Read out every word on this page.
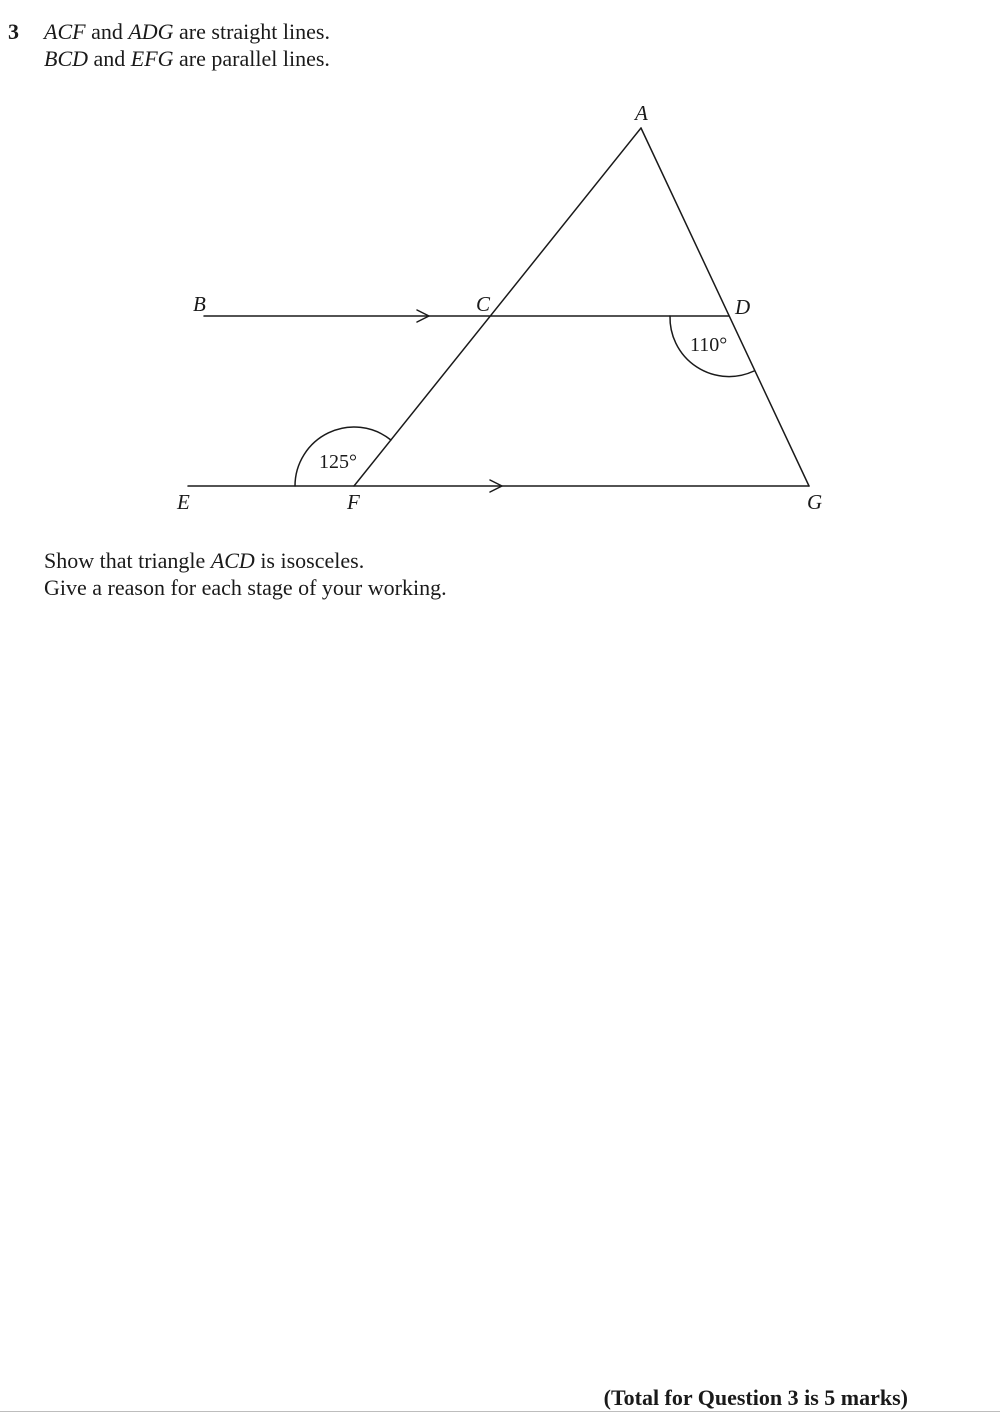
3 ACF and ADG are straight lines.
BCD and EFG are parallel lines.
A
B	C	D
E	F	G
125°
110°
Show that triangle ACD is isosceles.
Give a reason for each stage of your working.
(Total for Question 3 is 5 marks)
